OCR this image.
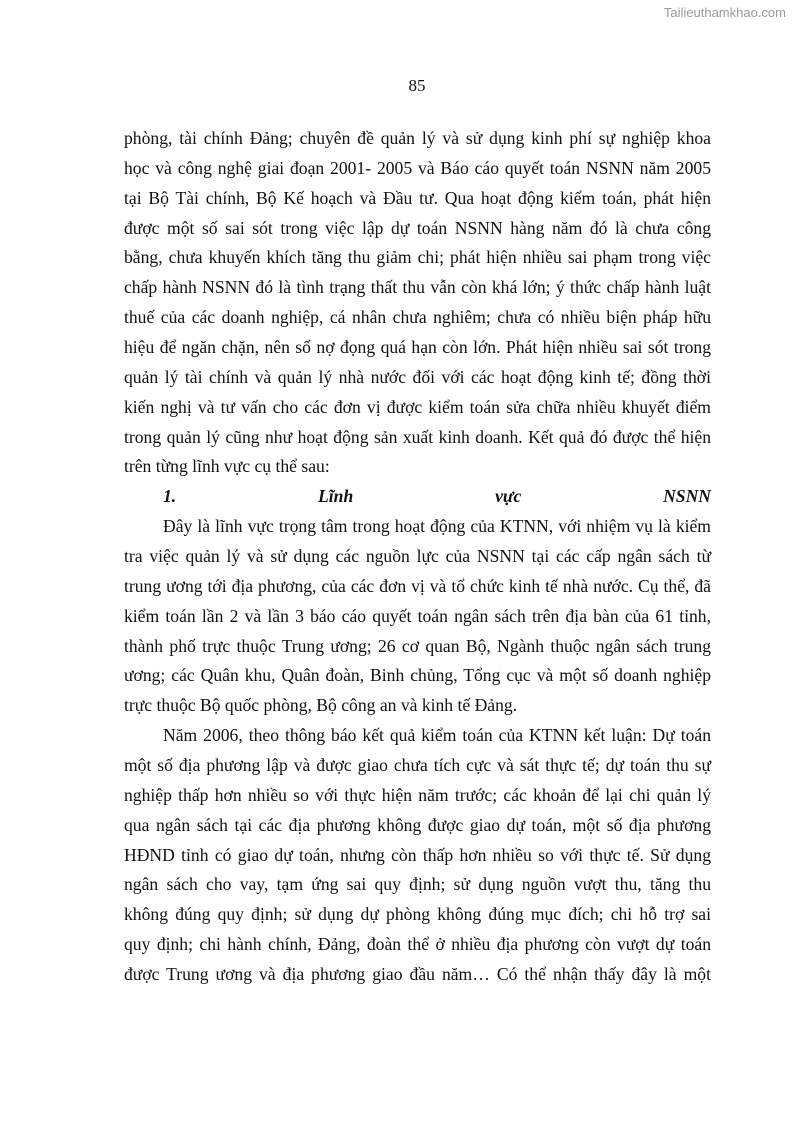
Tailieuthamkhao.com
85
phòng, tài chính Đảng; chuyên đề quản lý và sử dụng kinh phí sự nghiệp khoa
học và công nghệ giai đoạn 2001- 2005 và Báo cáo quyết toán NSNN năm 2005
tại Bộ Tài chính, Bộ Kế hoạch và Đầu tư. Qua hoạt động kiểm toán, phát hiện
được một số sai sót trong việc lập dự toán NSNN hàng năm đó là chưa công
bằng, chưa khuyến khích tăng thu giảm chi; phát hiện nhiều sai phạm trong việc
chấp hành NSNN đó là tình trạng thất thu vẫn còn khá lớn; ý thức chấp hành luật
thuế của các doanh nghiệp, cá nhân chưa nghiêm; chưa có nhiều biện pháp hữu
hiệu để ngăn chặn, nên số nợ đọng quá hạn còn lớn. Phát hiện nhiều sai sót trong
quản lý tài chính và quản lý nhà nước đối với các hoạt động kinh tế; đồng thời
kiến nghị và tư vấn cho các đơn vị được kiểm toán sửa chữa nhiều khuyết điểm
trong quản lý cũng như hoạt động sản xuất kinh doanh. Kết quả đó được thể hiện
trên từng lĩnh vực cụ thể sau:
1. Lĩnh vực NSNN
Đây là lĩnh vực trọng tâm trong hoạt động của KTNN, với nhiệm vụ là kiểm
tra việc quản lý và sử dụng các nguồn lực của NSNN tại các cấp ngân sách từ
trung ương tới địa phương, của các đơn vị và tổ chức kinh tế nhà nước. Cụ thể, đã
kiểm toán lần 2 và lần 3 báo cáo quyết toán ngân sách trên địa bàn của 61 tỉnh,
thành phố trực thuộc Trung ương; 26 cơ quan Bộ, Ngành thuộc ngân sách trung
ương; các Quân khu, Quân đoàn, Binh chủng, Tổng cục và một số doanh nghiệp
trực thuộc Bộ quốc phòng, Bộ công an và kinh tế Đảng.
Năm 2006, theo thông báo kết quả kiểm toán của KTNN kết luận: Dự toán
một số địa phương lập và được giao chưa tích cực và sát thực tế; dự toán thu sự
nghiệp thấp hơn nhiều so với thực hiện năm trước; các khoản để lại chi quản lý
qua ngân sách tại các địa phương không được giao dự toán, một số địa phương
HĐND tỉnh có giao dự toán, nhưng còn thấp hơn nhiều so với thực tế. Sử dụng
ngân sách cho vay, tạm ứng sai quy định; sử dụng nguồn vượt thu, tăng thu
không đúng quy định; sử dụng dự phòng không đúng mục đích; chi hỗ trợ sai
quy định; chi hành chính, Đảng, đoàn thể ở nhiều địa phương còn vượt dự toán
được Trung ương và địa phương giao đầu năm… Có thể nhận thấy đây là một
